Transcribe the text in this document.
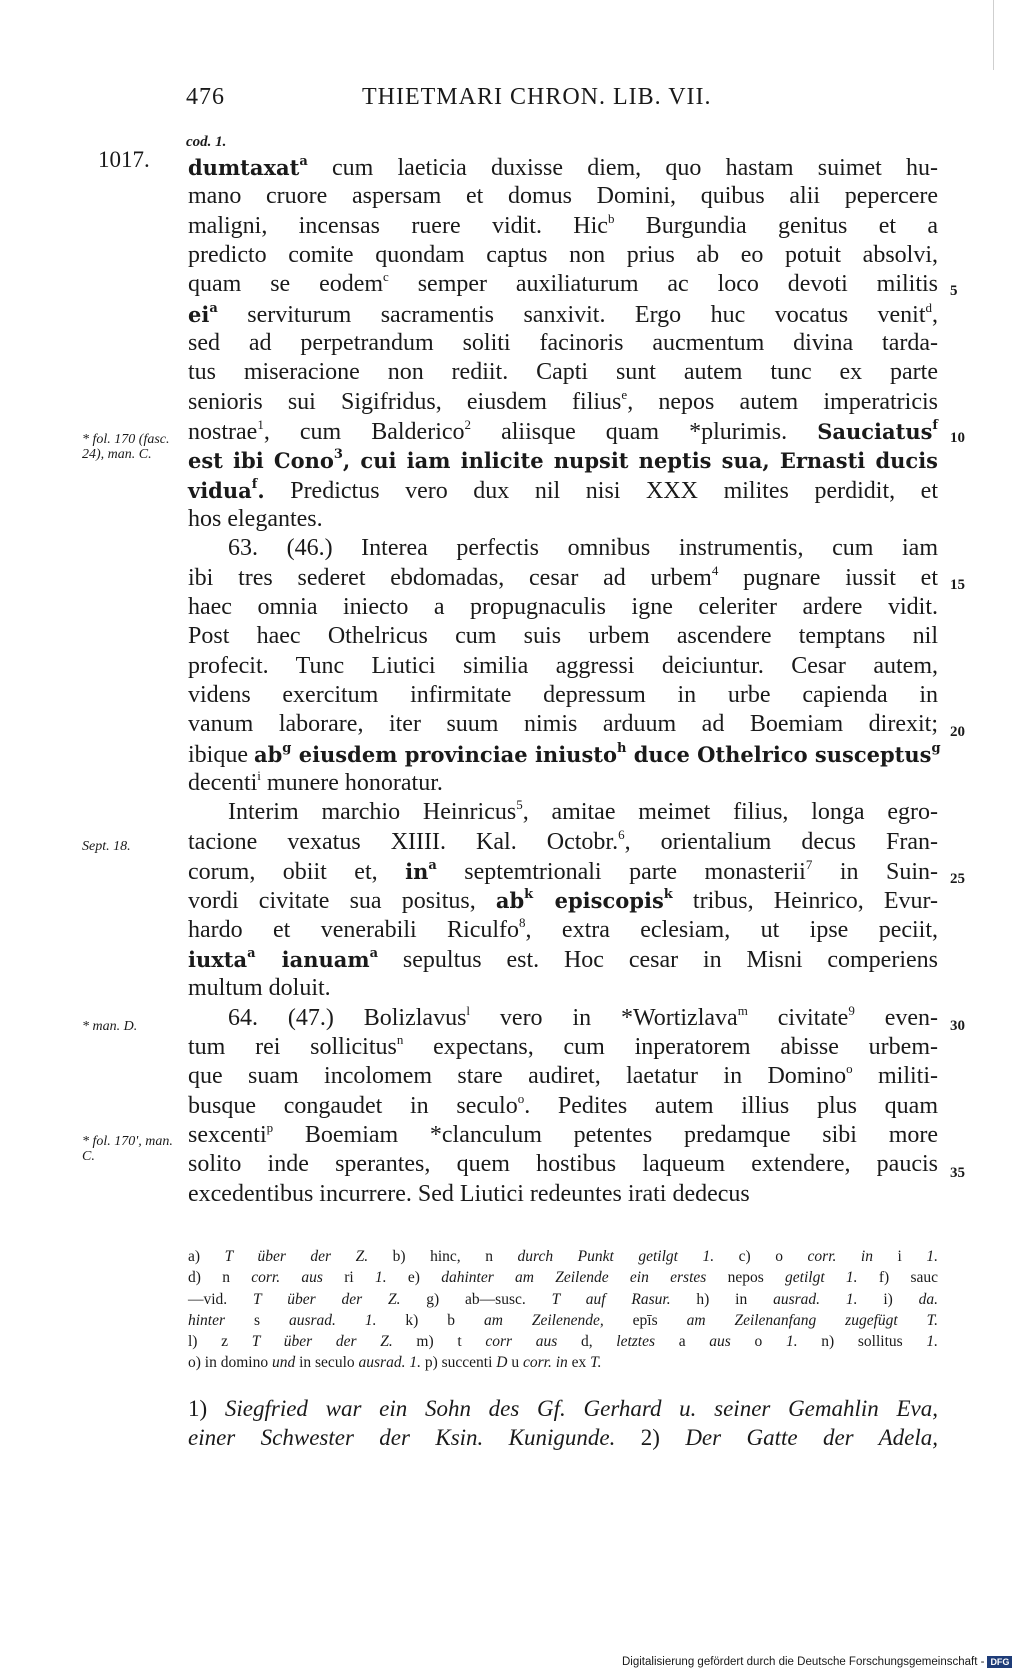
476	THIETMARI CHRON. LIB. VII.
cod. 1.
1017. dumtaxat$^a$ cum laeticia duxisse diem, quo hastam suimet hu-
mano cruore aspersam et domus Domini, quibus alii pepercere
maligni, incensas ruere vidit. Hic$^b$ Burgundia genitus et a
predicto comite quondam captus non prius ab eo potuit absolvi,
quam se eodem$^c$ semper auxiliaturum ac loco devoti militis
$ei^a$ serviturum sacramentis sanxivit. Ergo huc vocatus venit$^d$,
sed ad perpetrandum soliti facinoris aucmentum divina tarda-
tus miseracione non rediit. Capti sunt autem tunc ex parte
senioris sui Sigifridus, eiusdem filius$^e$, nepos autem imperatricis
nostrae$^1$, cum Balderico$^2$ aliisque quam *plurimis. Sauciatus$^f$
est ibi Cono$^3$, cui iam inlicite nupsit neptis sua, Ernasti ducis
vidua$^f$. Predictus vero dux nil nisi XXX milites perdidit, et
hos elegantes.
63. (46.) Interea perfectis omnibus instrumentis, cum iam
ibi tres sederet ebdomadas, cesar ad urbem$^4$ pugnare iussit et
haec omnia iniecto a propugnaculis igne celeriter ardere vidit.
Post haec Othelricus cum suis urbem ascendere temptans nil
profecit. Tunc Liutici similia aggressi deiciuntur. Cesar autem,
videns exercitum infirmitate depressum in urbe capienda in
vanum laborare, iter suum nimis arduum ad Boemiam direxit;
ibique $ab^g$ eiusdem provinciae iniusto$^h$ duce Othelrico susceptus$^g$
decenti$^i$ munere honoratur.
Interim marchio Heinricus$^5$, amitae meimet filius, longa egro-
tacione vexatus XIIII. Kal. Octobr.$^6$, orientalium decus Fran-
corum, obiit et, $in^a$ septemtrionali parte monasterii$^7$ in Suin-
vordi civitate sua positus, $ab^k$ episcopis$^k$ tribus, Heinrico, Evur-
hardo et venerabili Riculfo$^8$, extra eclesiam, ut ipse peciit,
iuxta$^a$ ianuam$^a$ sepultus est. Hoc cesar in Misni comperiens
multum doluit.
64. (47.) Bolizlavus$^l$ vero in *Wortizlava$^m$ civitate$^9$ even-
tum rei sollicitus$^n$ expectans, cum inperatorem abisse urbem-
que suam incolomem stare audiret, laetatur in Domino$^o$ militi-
busque congaudet in seculo$^o$. Pedites autem illius plus quam
sexcenti$^p$ Boemiam *clanculum petentes predamque sibi more
solito inde sperantes, quem hostibus laqueum extendere, paucis
excedentibus incurrere. Sed Liutici redeuntes irati dedecus
5
10
15
20
25
30
35
* fol. 170 (fasc. 24), man. C.
Sept. 18.
* man. D.
* fol. 170', man. C.
a) T über der Z. b) hinc, n durch Punkt getilgt 1. c) o corr. in i 1.
d) n corr. aus ri 1. e) dahinter am Zeilende ein erstes nepos getilgt 1. f) sauc
—vid. T über der Z. g) ab—susc. T auf Rasur. h) in ausrad. 1. i) da.
hinter s ausrad. 1. k) b am Zeilenende, epīs am Zeilenanfang zugefügt T.
l) z T über der Z. m) t corr aus d, letztes a aus o 1. n) sollitus 1.
o) in domino und in seculo ausrad. 1. p) succenti D u corr. in ex T.
1) Siegfried war ein Sohn des Gf. Gerhard u. seiner Gemahlin Eva,
einer Schwester der Ksin. Kunigunde. 2) Der Gatte der Adela,
Digitalisierung gefördert durch die Deutsche Forschungsgemeinschaft - DFG
